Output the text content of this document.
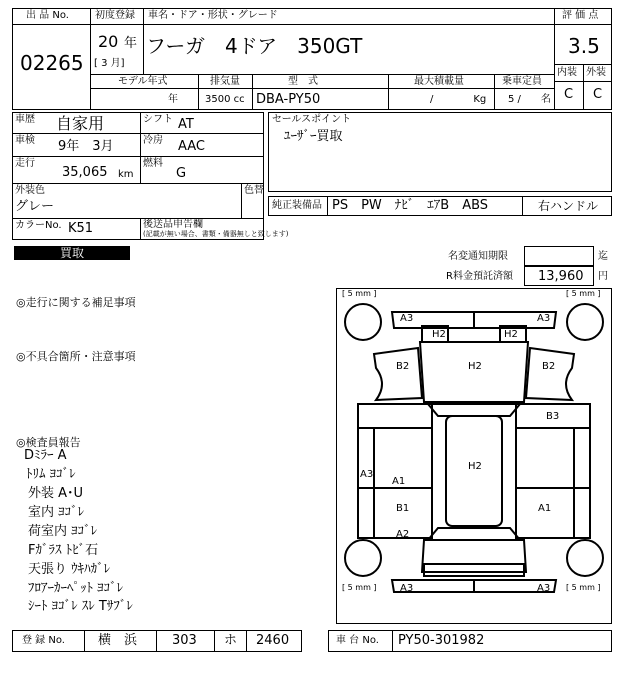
出 品 No.
02265
初度登録 車名・ドア・形状・グレード
20 年
[ 3 月]
フーガ　4ドア　350GT
評 価 点
3.5
内装 外装
C C
モデル年式	排気量	型　式	最大積載量	乗車定員
年	3500 cc DBA-PY50	/　　　　Kg 5 /　　名
車歴 自家用	シフト AT
車検 9年　3月	冷房 AAC
走行
35,065 km
燃料
G
外装色
グレー
色替
カラーNo. K51	後送品申告欄
(記載が無い場合、書類・備器無しと致します)
セールスポイント
ﾕｰｻﾞｰ買取
純正装備品 PS　PW　ﾅﾋﾞ　ｴｱB　ABS	右ハンドル
買取	名変通知期限	迄
R料金預託済額 13,960 円
◎走行に関する補足事項
◎不具合箇所・注意事項
◎検査員報告
Dﾐﾗｰ A
ﾄﾘﾑ ﾖｺﾞﾚ
外装 A･U
室内 ﾖｺﾞﾚ
荷室内 ﾖｺﾞﾚ
Fｶﾞﾗｽ ﾄﾋﾞ石
天張り ｳｷﾊｶﾞﾚ
ﾌﾛｱｰｶｰﾍﾟｯﾄ ﾖｺﾞﾚ
ｼｰﾄ ﾖｺﾞﾚ ｽﾚ Tｻﾌﾞﾚ
[ 5 mm ]	[ 5 mm ]
[ 5 mm ]	[ 5 mm ]
A3	A3
H2	H2
B2	H2	B2
B3
H2
A3
A1
B1	A1
A2
A3	A3
登 録 No.	横　浜	303 ホ 2460	車 台 No. PY50-301982
